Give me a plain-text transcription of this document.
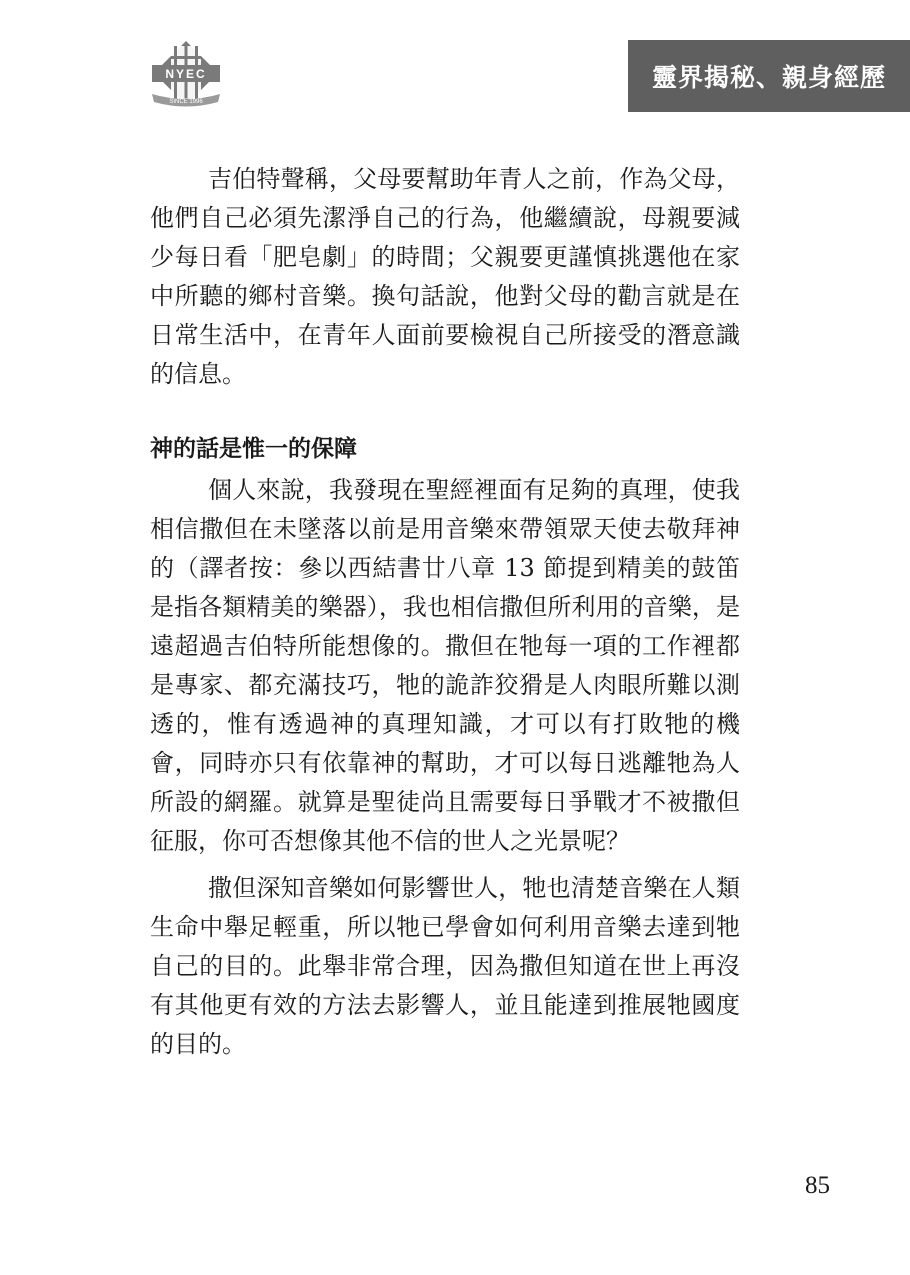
NYEC
SINCE 1996
靈界揭秘、親身經歷

吉伯特聲稱，父母要幫助年青人之前，作為父母，他們自己必須先潔淨自己的行為，他繼續說，母親要減少每日看「肥皂劇」的時間；父親要更謹慎挑選他在家中所聽的鄉村音樂。換句話說，他對父母的勸言就是在日常生活中，在青年人面前要檢視自己所接受的潛意識的信息。

神的話是惟一的保障

個人來說，我發現在聖經裡面有足夠的真理，使我相信撒但在未墜落以前是用音樂來帶領眾天使去敬拜神的（譯者按：參以西結書廿八章 13 節提到精美的鼓笛是指各類精美的樂器），我也相信撒但所利用的音樂，是遠超過吉伯特所能想像的。撒但在牠每一項的工作裡都是專家、都充滿技巧，牠的詭詐狡猾是人肉眼所難以測透的，惟有透過神的真理知識，才可以有打敗牠的機會，同時亦只有依靠神的幫助，才可以每日逃離牠為人所設的網羅。就算是聖徒尚且需要每日爭戰才不被撒但征服，你可否想像其他不信的世人之光景呢？

撒但深知音樂如何影響世人，牠也清楚音樂在人類生命中舉足輕重，所以牠已學會如何利用音樂去達到牠自己的目的。此舉非常合理，因為撒但知道在世上再沒有其他更有效的方法去影響人，並且能達到推展牠國度的目的。

85
